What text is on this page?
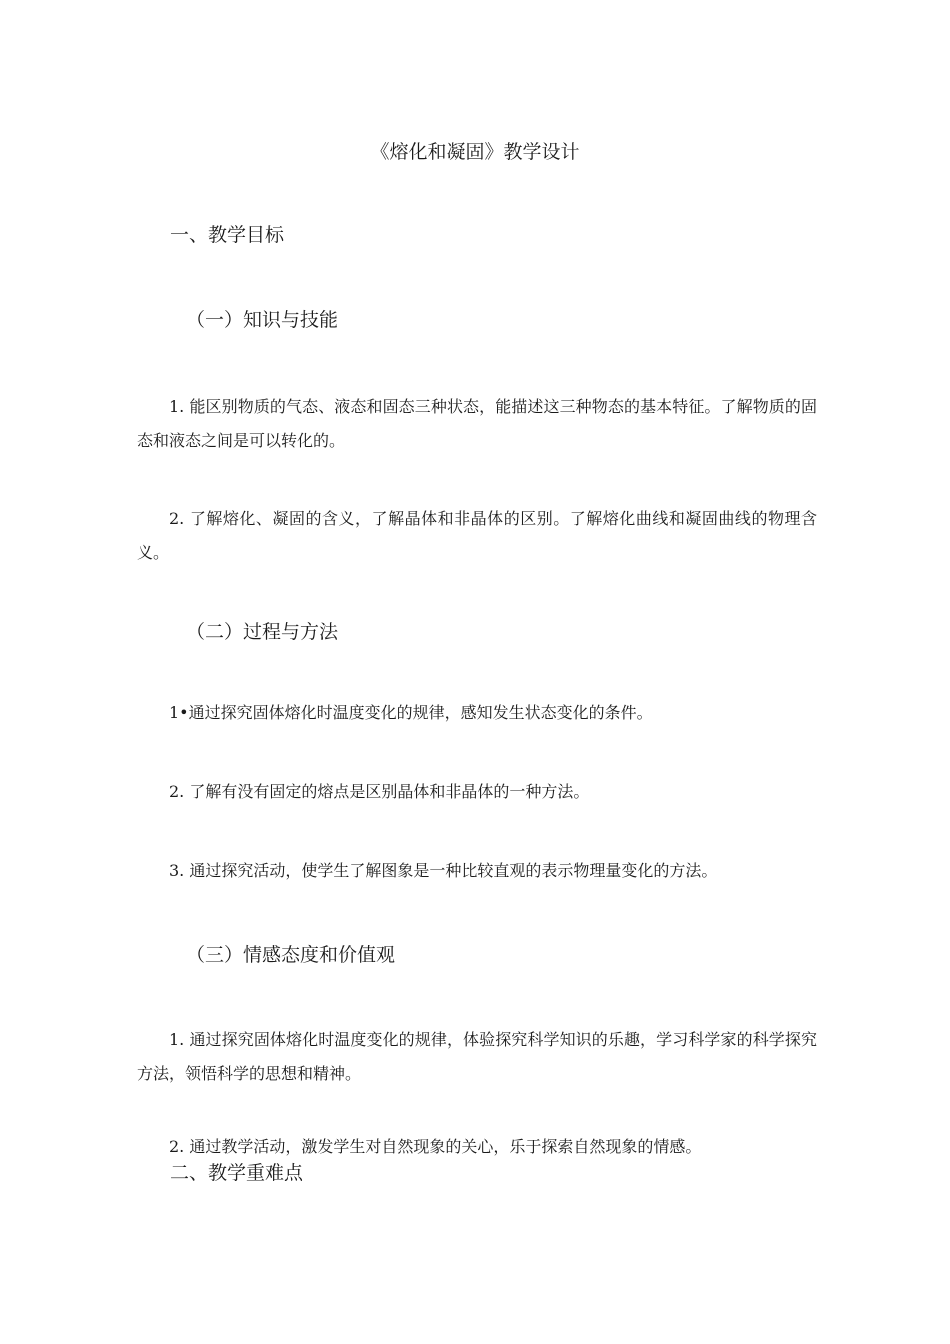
《熔化和凝固》教学设计
一、教学目标
（一）知识与技能
1. 能区别物质的气态、液态和固态三种状态，能描述这三种物态的基本特征。了解物质的固态和液态之间是可以转化的。
2. 了解熔化、凝固的含义，了解晶体和非晶体的区别。了解熔化曲线和凝固曲线的物理含义。
（二）过程与方法
1•通过探究固体熔化时温度变化的规律，感知发生状态变化的条件。
2. 了解有没有固定的熔点是区别晶体和非晶体的一种方法。
3. 通过探究活动，使学生了解图象是一种比较直观的表示物理量变化的方法。
（三）情感态度和价值观
1. 通过探究固体熔化时温度变化的规律，体验探究科学知识的乐趣，学习科学家的科学探究方法，领悟科学的思想和精神。
2. 通过教学活动，激发学生对自然现象的关心，乐于探索自然现象的情感。
二、教学重难点
